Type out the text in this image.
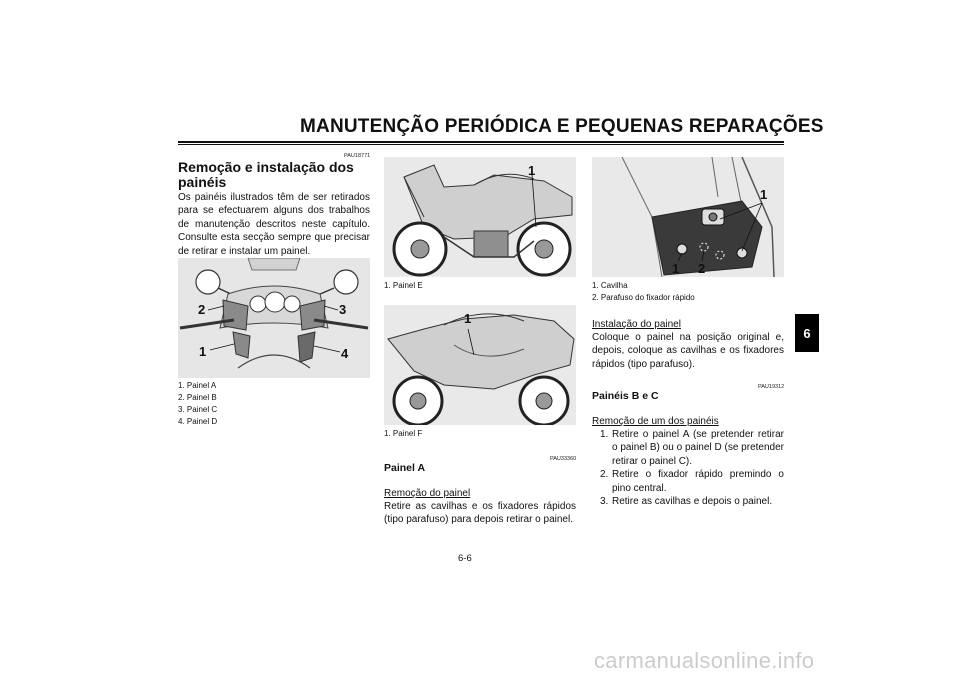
MANUTENÇÃO PERIÓDICA E PEQUENAS REPARAÇÕES
PAU18771
Remoção e instalação dos
painéis
Os painéis ilustrados têm de ser retirados para se efectuarem alguns dos trabalhos de manutenção descritos neste capítulo. Consulte esta secção sempre que precisar de retirar e instalar um painel.
2	3
1	4
1. Painel A
2. Painel B
3. Painel C
4. Painel D
1
1. Painel E
1
1. Painel F
PAU33360
Painel A
Remoção do painel
Retire as cavilhas e os fixadores rápidos (tipo parafuso) para depois retirar o painel.
1
1 2
1. Cavilha
2. Parafuso do fixador rápido
Instalação do painel
Coloque o painel na posição original e, depois, coloque as cavilhas e os fixadores rápidos (tipo parafuso).
PAU19312
Painéis B e C
Remoção de um dos painéis
1. Retire o painel A (se pretender retirar o painel B) ou o painel D (se pretender retirar o painel C).
2. Retire o fixador rápido premindo o pino central.
3. Retire as cavilhas e depois o painel.
6
6-6
carmanualsonline.info
